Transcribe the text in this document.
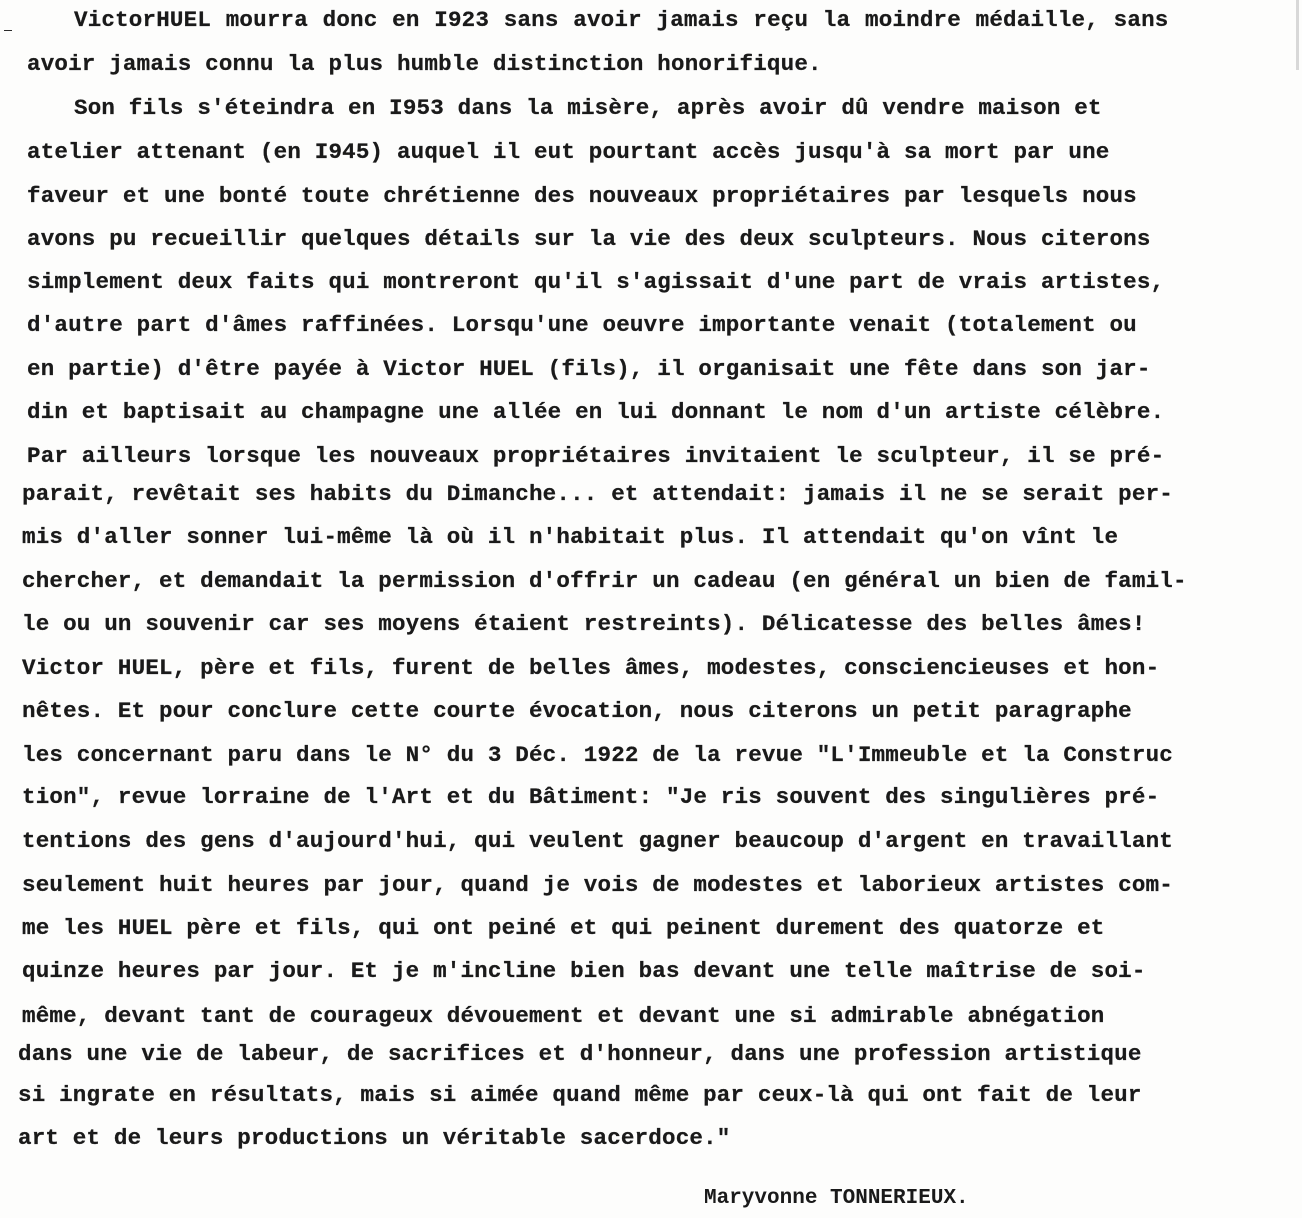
VictorHUEL mourra donc en I923 sans avoir jamais reçu la moindre médaille, sans
avoir jamais connu la plus humble distinction honorifique.
Son fils s'éteindra en I953 dans la misère, après avoir dû vendre maison et
atelier attenant (en I945) auquel il eut pourtant accès jusqu'à sa mort par une
faveur et une bonté toute chrétienne des nouveaux propriétaires par lesquels nous
avons pu recueillir quelques détails sur la vie des deux sculpteurs. Nous citerons
simplement deux faits qui montreront qu'il s'agissait d'une part de vrais artistes,
d'autre part d'âmes raffinées. Lorsqu'une oeuvre importante venait (totalement ou
en partie) d'être payée à Victor HUEL (fils), il organisait une fête dans son jar-
din et baptisait au champagne une allée en lui donnant le nom d'un artiste célèbre.
Par ailleurs lorsque les nouveaux propriétaires invitaient le sculpteur, il se pré-
parait, revêtait ses habits du Dimanche... et attendait: jamais il ne se serait per-
mis d'aller sonner lui-même là où il n'habitait plus. Il attendait qu'on vînt le
chercher, et demandait la permission d'offrir un cadeau (en général un bien de famil-
le ou un souvenir car ses moyens étaient restreints). Délicatesse des belles âmes!
Victor HUEL, père et fils, furent de belles âmes, modestes, consciencieuses et hon-
nêtes. Et pour conclure cette courte évocation, nous citerons un petit paragraphe
les concernant paru dans le N° du 3 Déc. 1922 de la revue "L'Immeuble et la Construc
tion", revue lorraine de l'Art et du Bâtiment: "Je ris souvent des singulières pré-
tentions des gens d'aujourd'hui, qui veulent gagner beaucoup d'argent en travaillant
seulement huit heures par jour, quand je vois de modestes et laborieux artistes com-
me les HUEL père et fils, qui ont peiné et qui peinent durement des quatorze et
quinze heures par jour. Et je m'incline bien bas devant une telle maîtrise de soi-
même, devant tant de courageux dévouement et devant une si admirable abnégation
dans une vie de labeur, de sacrifices et d'honneur, dans une profession artistique
si ingrate en résultats, mais si aimée quand même par ceux-là qui ont fait de leur
art et de leurs productions un véritable sacerdoce."
Maryvonne TONNERIEUX.
